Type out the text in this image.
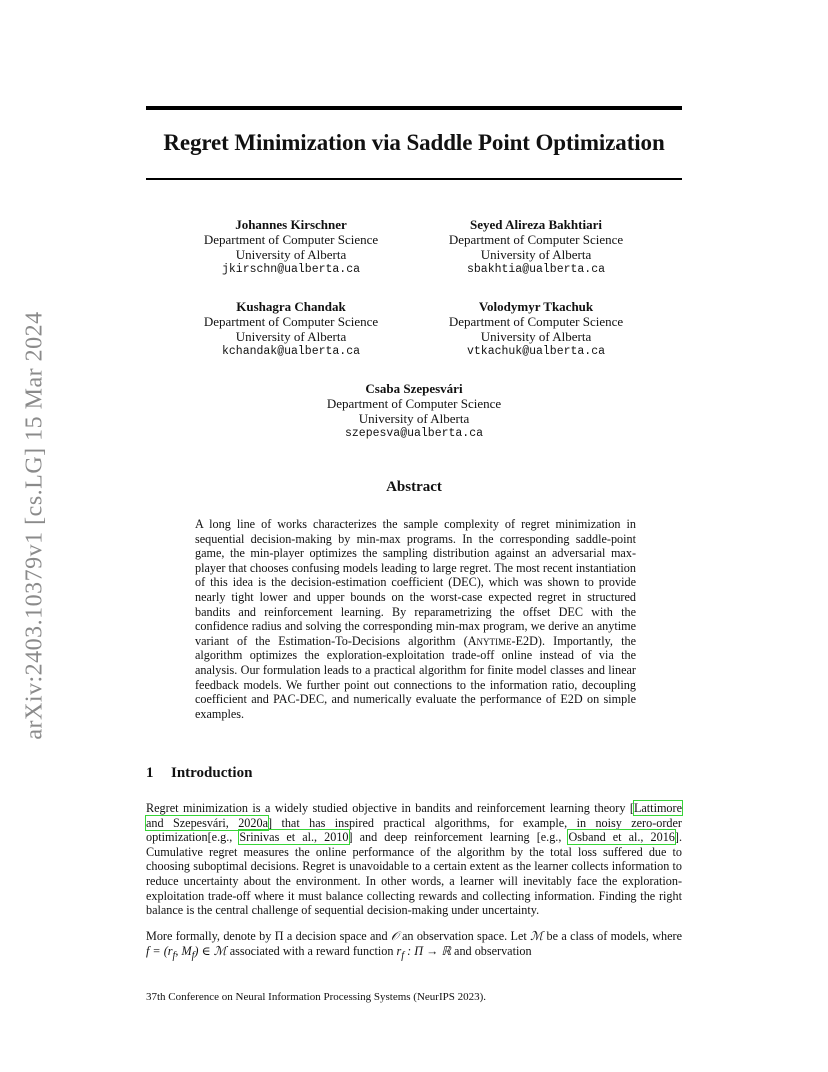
arXiv:2403.10379v1 [cs.LG] 15 Mar 2024
Regret Minimization via Saddle Point Optimization
Johannes Kirschner
Department of Computer Science
University of Alberta
jkirschn@ualberta.ca
Seyed Alireza Bakhtiari
Department of Computer Science
University of Alberta
sbakhtia@ualberta.ca
Kushagra Chandak
Department of Computer Science
University of Alberta
kchandak@ualberta.ca
Volodymyr Tkachuk
Department of Computer Science
University of Alberta
vtkachuk@ualberta.ca
Csaba Szepesvári
Department of Computer Science
University of Alberta
szepesva@ualberta.ca
Abstract
A long line of works characterizes the sample complexity of regret minimization in sequential decision-making by min-max programs. In the corresponding saddle-point game, the min-player optimizes the sampling distribution against an adversarial max-player that chooses confusing models leading to large regret. The most recent instantiation of this idea is the decision-estimation coefficient (DEC), which was shown to provide nearly tight lower and upper bounds on the worst-case expected regret in structured bandits and reinforcement learning. By reparametrizing the offset DEC with the confidence radius and solving the corresponding min-max program, we derive an anytime variant of the Estimation-To-Decisions algorithm (Anytime-E2D). Importantly, the algorithm optimizes the exploration-exploitation trade-off online instead of via the analysis. Our formulation leads to a practical algorithm for finite model classes and linear feedback models. We further point out connections to the information ratio, decoupling coefficient and PAC-DEC, and numerically evaluate the performance of E2D on simple examples.
1 Introduction
Regret minimization is a widely studied objective in bandits and reinforcement learning theory [Lattimore and Szepesvári, 2020a] that has inspired practical algorithms, for example, in noisy zero-order optimization[e.g., Srinivas et al., 2010] and deep reinforcement learning [e.g., Osband et al., 2016]. Cumulative regret measures the online performance of the algorithm by the total loss suffered due to choosing suboptimal decisions. Regret is unavoidable to a certain extent as the learner collects information to reduce uncertainty about the environment. In other words, a learner will inevitably face the exploration-exploitation trade-off where it must balance collecting rewards and collecting information. Finding the right balance is the central challenge of sequential decision-making under uncertainty.
More formally, denote by Π a decision space and 𝒪 an observation space. Let ℳ be a class of models, where $f = (r_f$, $M_f$) ∈ ℳ associated with a reward function $r_f$ : Π → ℝ and observation
37th Conference on Neural Information Processing Systems (NeurIPS 2023).
